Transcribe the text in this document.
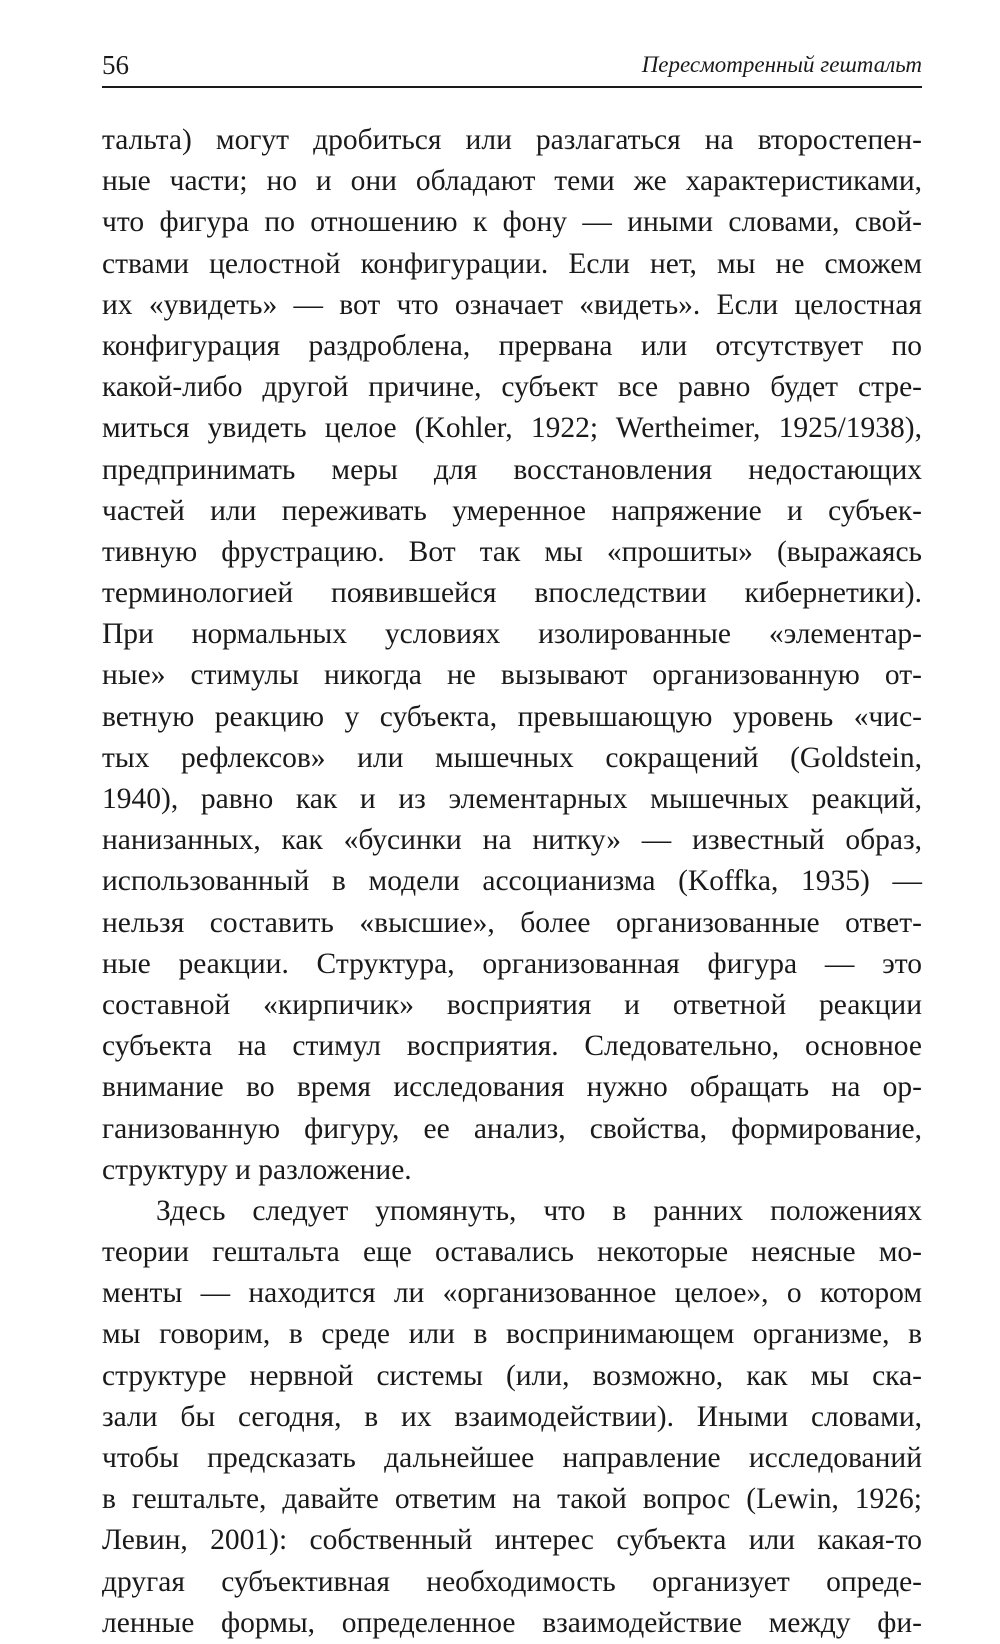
56	Пересмотренный гештальт
тальта) могут дробиться или разлагаться на второстепен-
ные части; но и они обладают теми же характеристиками,
что фигура по отношению к фону — иными словами, свой-
ствами целостной конфигурации. Если нет, мы не сможем
их «увидеть» — вот что означает «видеть». Если целостная
конфигурация раздроблена, прервана или отсутствует по
какой-либо другой причине, субъект все равно будет стре-
миться увидеть целое (Kohler, 1922; Wertheimer, 1925/1938),
предпринимать меры для восстановления недостающих
частей или переживать умеренное напряжение и субъек-
тивную фрустрацию. Вот так мы «прошиты» (выражаясь
терминологией появившейся впоследствии кибернетики).
При нормальных условиях изолированные «элементар-
ные» стимулы никогда не вызывают организованную от-
ветную реакцию у субъекта, превышающую уровень «чис-
тых рефлексов» или мышечных сокращений (Goldstein,
1940), равно как и из элементарных мышечных реакций,
нанизанных, как «бусинки на нитку» — известный образ,
использованный в модели ассоцианизма (Koffka, 1935) —
нельзя составить «высшие», более организованные ответ-
ные реакции. Структура, организованная фигура — это
составной «кирпичик» восприятия и ответной реакции
субъекта на стимул восприятия. Следовательно, основное
внимание во время исследования нужно обращать на ор-
ганизованную фигуру, ее анализ, свойства, формирование,
структуру и разложение.
Здесь следует упомянуть, что в ранних положениях
теории гештальта еще оставались некоторые неясные мо-
менты — находится ли «организованное целое», о котором
мы говорим, в среде или в воспринимающем организме, в
структуре нервной системы (или, возможно, как мы ска-
зали бы сегодня, в их взаимодействии). Иными словами,
чтобы предсказать дальнейшее направление исследований
в гештальте, давайте ответим на такой вопрос (Lewin, 1926;
Левин, 2001): собственный интерес субъекта или какая-то
другая субъективная необходимость организует опреде-
ленные формы, определенное взаимодействие между фи-
